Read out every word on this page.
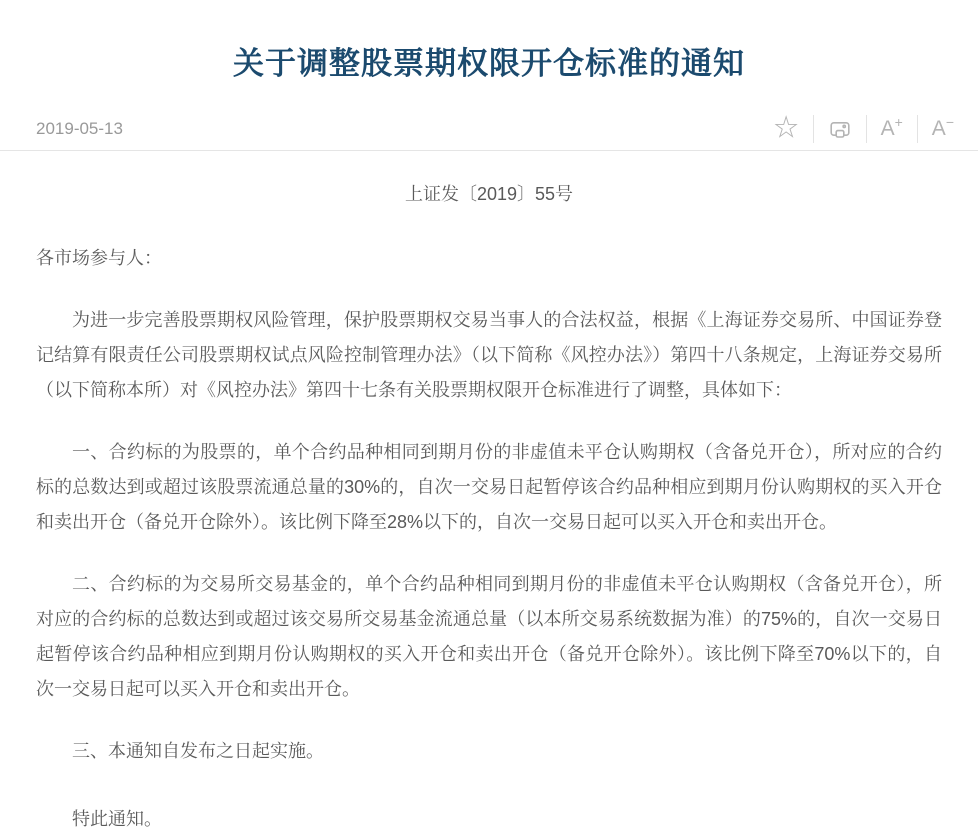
关于调整股票期权限开仓标准的通知
2019-05-13	☆	A + A −

上证发〔2019〕55号

各市场参与人：

为进一步完善股票期权风险管理，保护股票期权交易当事人的合法权益，根据《上海证券交易所、中国证券登记结算有限责任公司股票期权试点风险控制管理办法》（以下简称《风控办法》）第四十八条规定，上海证券交易所（以下简称本所）对《风控办法》第四十七条有关股票期权限开仓标准进行了调整，具体如下：

一、合约标的为股票的，单个合约品种相同到期月份的非虚值未平仓认购期权（含备兑开仓），所对应的合约标的总数达到或超过该股票流通总量的30%的，自次一交易日起暂停该合约品种相应到期月份认购期权的买入开仓和卖出开仓（备兑开仓除外）。该比例下降至28%以下的，自次一交易日起可以买入开仓和卖出开仓。

二、合约标的为交易所交易基金的，单个合约品种相同到期月份的非虚值未平仓认购期权（含备兑开仓），所对应的合约标的总数达到或超过该交易所交易基金流通总量（以本所交易系统数据为准）的75%的，自次一交易日起暂停该合约品种相应到期月份认购期权的买入开仓和卖出开仓（备兑开仓除外）。该比例下降至70%以下的，自次一交易日起可以买入开仓和卖出开仓。

三、本通知自发布之日起实施。

特此通知。
